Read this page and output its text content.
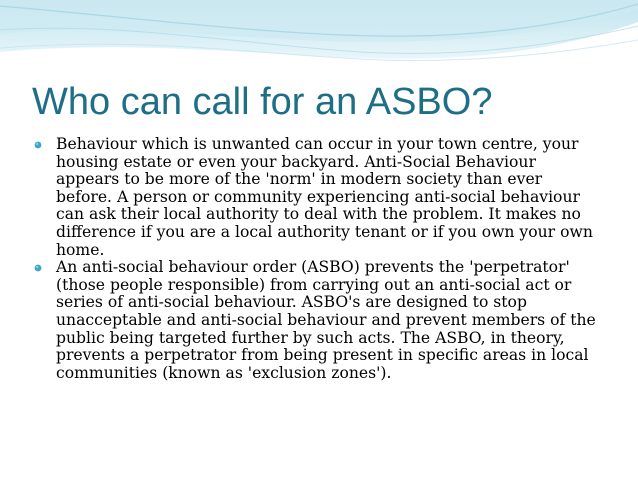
Who can call for an ASBO?
Behaviour which is unwanted can occur in your town centre, your housing estate or even your backyard. Anti-Social Behaviour appears to be more of the 'norm' in modern society than ever before. A person or community experiencing anti-social behaviour can ask their local authority to deal with the problem. It makes no difference if you are a local authority tenant or if you own your own home.
An anti-social behaviour order (ASBO) prevents the 'perpetrator' (those people responsible) from carrying out an anti-social act or series of anti-social behaviour. ASBO's are designed to stop unacceptable and anti-social behaviour and prevent members of the public being targeted further by such acts. The ASBO, in theory, prevents a perpetrator from being present in specific areas in local communities (known as 'exclusion zones').
